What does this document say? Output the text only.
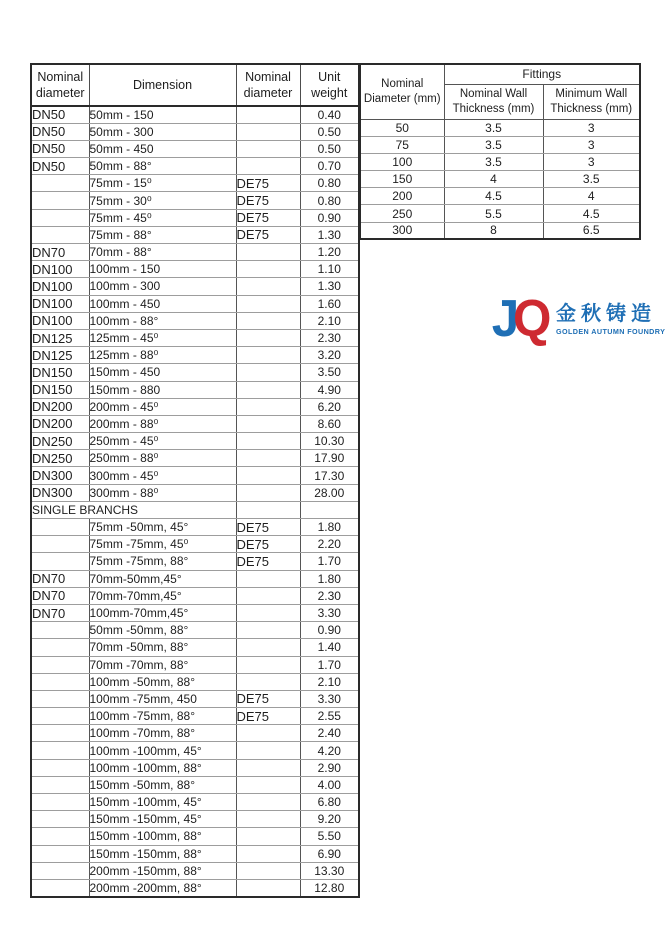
Nominal diameter	Dimension	Nominal diameter	Unit weight
DN50	50mm - 150		0.40
DN50	50mm - 300		0.50
DN50	50mm - 450		0.50
DN50	50mm - 88°		0.70
	75mm - 15⁰	DE75	0.80
	75mm - 30⁰	DE75	0.80
	75mm - 45⁰	DE75	0.90
	75mm - 88°	DE75	1.30
DN70	70mm - 88°		1.20
DN100	100mm - 150		1.10
DN100	100mm - 300		1.30
DN100	100mm - 450		1.60
DN100	100mm - 88°		2.10
DN125	125mm - 45⁰		2.30
DN125	125mm - 88⁰		3.20
DN150	150mm - 450		3.50
DN150	150mm - 880		4.90
DN200	200mm - 45⁰		6.20
DN200	200mm - 88⁰		8.60
DN250	250mm - 45⁰		10.30
DN250	250mm - 88⁰		17.90
DN300	300mm - 45⁰		17.30
DN300	300mm - 88⁰		28.00
SINGLE BRANCHS			
	75mm -50mm, 45°	DE75	1.80
	75mm -75mm, 45⁰	DE75	2.20
	75mm -75mm, 88°	DE75	1.70
DN70	70mm-50mm,45°		1.80
DN70	70mm-70mm,45°		2.30
DN70	100mm-70mm,45°		3.30
	50mm -50mm, 88°		0.90
	70mm -50mm, 88°		1.40
	70mm -70mm, 88°		1.70
	100mm -50mm, 88°		2.10
	100mm -75mm, 450	DE75	3.30
	100mm -75mm, 88°	DE75	2.55
	100mm -70mm, 88°		2.40
	100mm -100mm, 45°		4.20
	100mm -100mm, 88°		2.90
	150mm -50mm, 88°		4.00
	150mm -100mm, 45°		6.80
	150mm -150mm, 45°		9.20
	150mm -100mm, 88°		5.50
	150mm -150mm, 88°		6.90
	200mm -150mm, 88°		13.30
	200mm -200mm, 88°		12.80
Nominal Diameter (mm)	Fittings	
	Nominal Wall Thickness (mm)	Minimum Wall Thickness (mm)
50	3.5	3
75	3.5	3
100	3.5	3
150	4	3.5
200	4.5	4
250	5.5	4.5
300	8	6.5
J
Q 金秋铸造
GOLDEN AUTUMN FOUNDRY
